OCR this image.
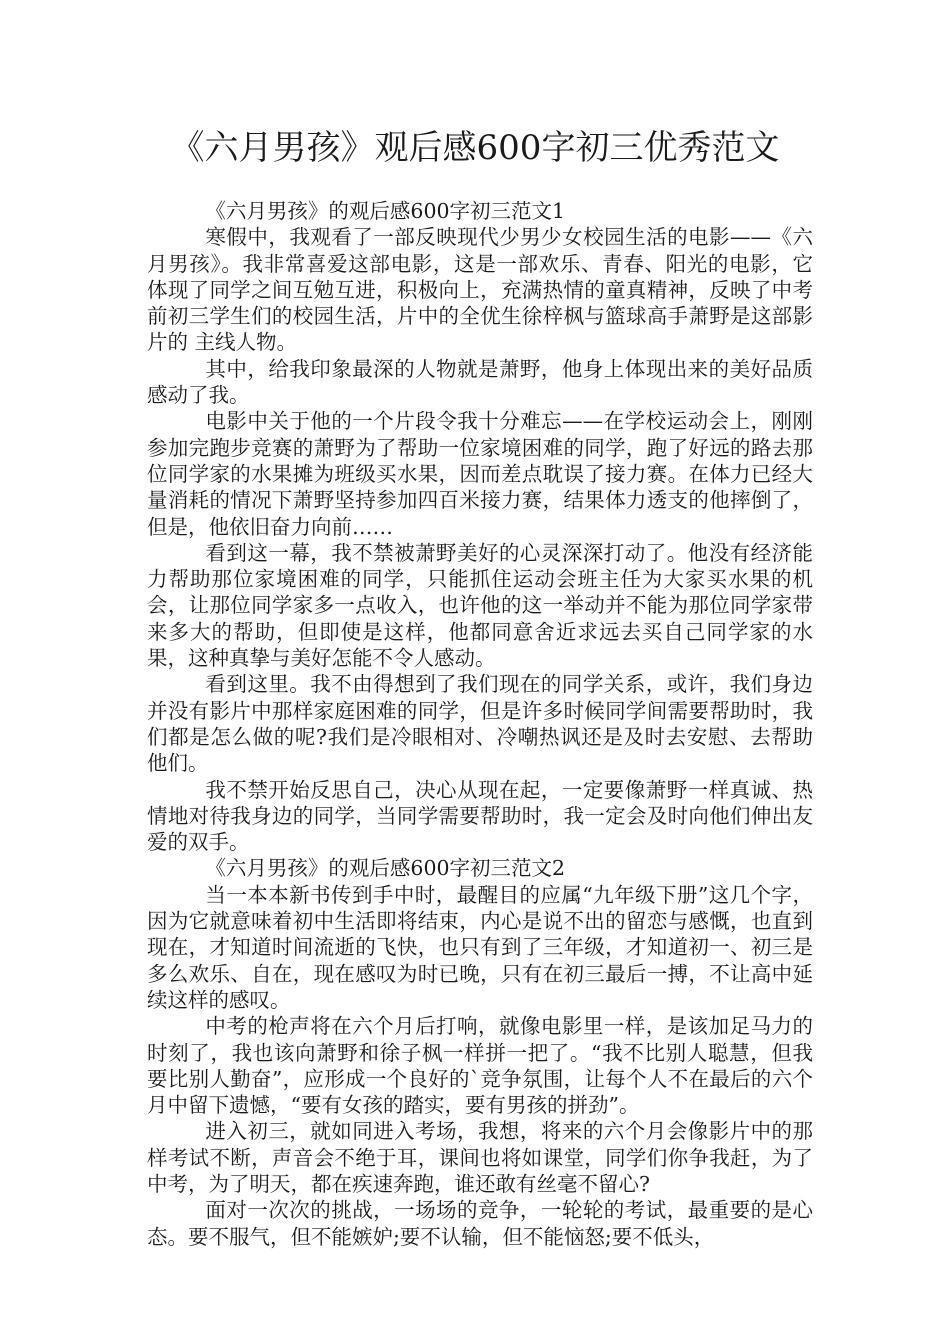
《六月男孩》观后感600字初三优秀范文

《六月男孩》的观后感600字初三范文1

寒假中，我观看了一部反映现代少男少女校园生活的电影——《六月男孩》。我非常喜爱这部电影，这是一部欢乐、青春、阳光的电影，它体现了同学之间互勉互进，积极向上，充满热情的童真精神，反映了中考前初三学生们的校园生活，片中的全优生徐梓枫与篮球高手萧野是这部影片的 主线人物。

其中，给我印象最深的人物就是萧野，他身上体现出来的美好品质感动了我。

电影中关于他的一个片段令我十分难忘——在学校运动会上，刚刚参加完跑步竞赛的萧野为了帮助一位家境困难的同学，跑了好远的路去那位同学家的水果摊为班级买水果，因而差点耽误了接力赛。在体力已经大量消耗的情况下萧野坚持参加四百米接力赛，结果体力透支的他摔倒了，但是，他依旧奋力向前……

看到这一幕，我不禁被萧野美好的心灵深深打动了。他没有经济能力帮助那位家境困难的同学，只能抓住运动会班主任为大家买水果的机会，让那位同学家多一点收入，也许他的这一举动并不能为那位同学家带来多大的帮助，但即使是这样，他都同意舍近求远去买自己同学家的水果，这种真挚与美好怎能不令人感动。

看到这里。我不由得想到了我们现在的同学关系，或许，我们身边并没有影片中那样家庭困难的同学，但是许多时候同学间需要帮助时，我们都是怎么做的呢?我们是冷眼相对、冷嘲热讽还是及时去安慰、去帮助他们。

我不禁开始反思自己，决心从现在起，一定要像萧野一样真诚、热情地对待我身边的同学，当同学需要帮助时，我一定会及时向他们伸出友爱的双手。

《六月男孩》的观后感600字初三范文2

当一本本新书传到手中时，最醒目的应属“九年级下册”这几个字，因为它就意味着初中生活即将结束，内心是说不出的留恋与感慨，也直到现在，才知道时间流逝的飞快，也只有到了三年级，才知道初一、初三是多么欢乐、自在，现在感叹为时已晚，只有在初三最后一搏，不让高中延续这样的感叹。

中考的枪声将在六个月后打响，就像电影里一样，是该加足马力的时刻了，我也该向萧野和徐子枫一样拼一把了。“我不比别人聪慧，但我要比别人勤奋”，应形成一个良好的`竞争氛围，让每个人不在最后的六个月中留下遗憾，“要有女孩的踏实，要有男孩的拼劲”。

进入初三，就如同进入考场，我想，将来的六个月会像影片中的那样考试不断，声音会不绝于耳，课间也将如课堂，同学们你争我赶，为了中考，为了明天，都在疾速奔跑，谁还敢有丝毫不留心?

面对一次次的挑战，一场场的竞争，一轮轮的考试，最重要的是心态。要不服气，但不能嫉妒;要不认输，但不能恼怒;要不低头，
